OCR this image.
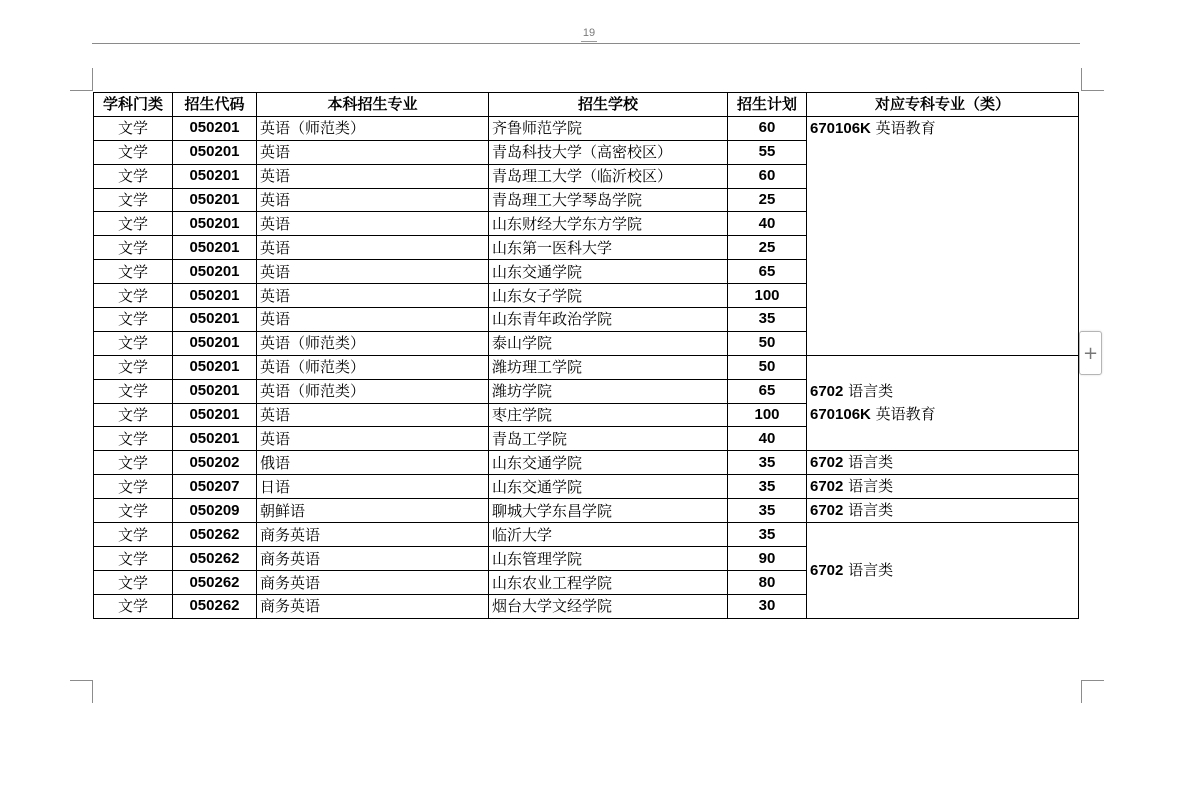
19
学科门类	招生代码	本科招生专业	招生学校	招生计划	对应专科专业（类）
文学	050201	英语（师范类）	齐鲁师范学院	60	670106K 英语教育

文学	050201	英语	青岛科技大学（高密校区）	55	
文学	050201	英语	青岛理工大学（临沂校区）	60	
文学	050201	英语	青岛理工大学琴岛学院	25	
文学	050201	英语	山东财经大学东方学院	40	
文学	050201	英语	山东第一医科大学	25	
文学	050201	英语	山东交通学院	65	
文学	050201	英语	山东女子学院	100	
文学	050201	英语	山东青年政治学院	35	
文学	050201	英语（师范类）	泰山学院	50	
文学	050201	英语（师范类）	潍坊理工学院	50	6702 语言类
670106K 英语教育

文学	050201	英语（师范类）	潍坊学院	65	
文学	050201	英语	枣庄学院	100	
文学	050201	英语	青岛工学院	40	
文学	050202	俄语	山东交通学院	35	6702 语言类

文学	050207	日语	山东交通学院	35	6702 语言类

文学	050209	朝鲜语	聊城大学东昌学院	35	6702 语言类

文学	050262	商务英语	临沂大学	35	6702 语言类

文学	050262	商务英语	山东管理学院	90	
文学	050262	商务英语	山东农业工程学院	80	
文学	050262	商务英语	烟台大学文经学院	30	
+
